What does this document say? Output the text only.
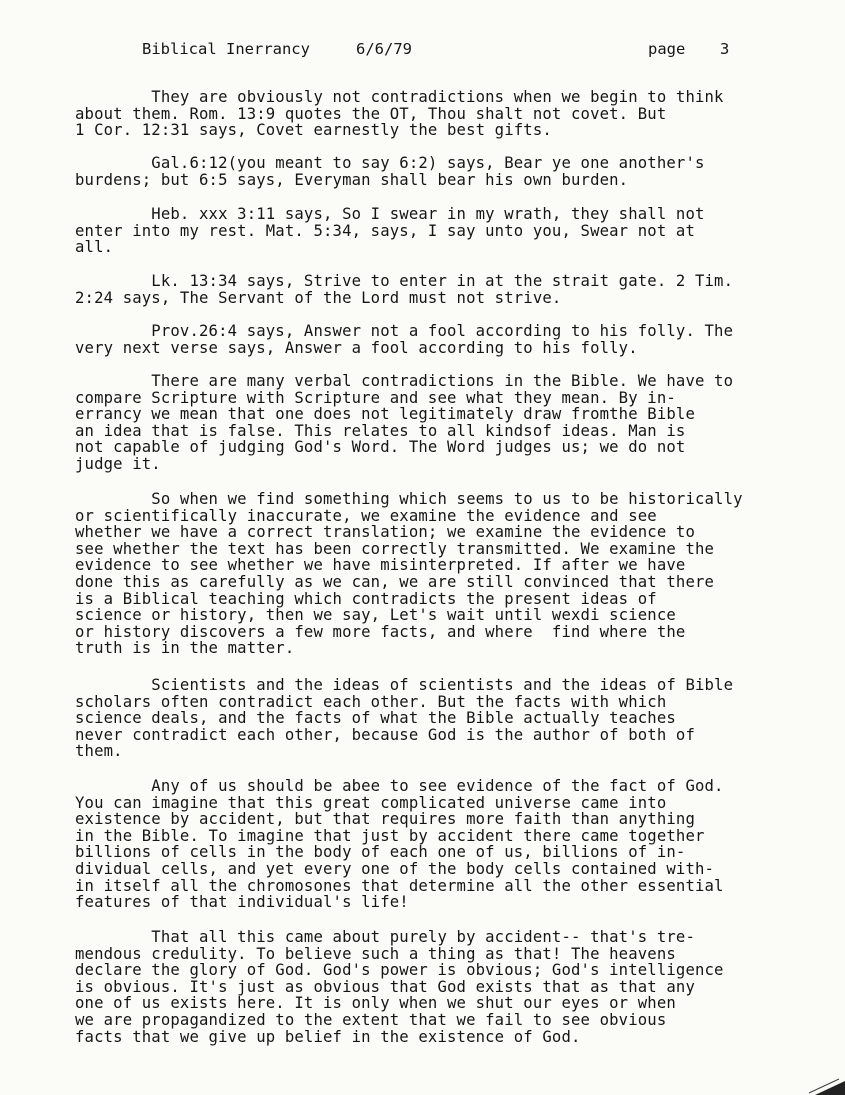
Biblical Inerrancy	6/6/79	page 3
They are obviously not contradictions when we begin to think
about them. Rom. 13:9 quotes the OT, Thou shalt not covet. But
1 Cor. 12:31 says, Covet earnestly the best gifts.
Gal.6:12(you meant to say 6:2) says, Bear ye one another's
burdens; but 6:5 says, Everyman shall bear his own burden.
Heb. xxx 3:11 says, So I swear in my wrath, they shall not
enter into my rest. Mat. 5:34, says, I say unto you, Swear not at
all.
Lk. 13:34 says, Strive to enter in at the strait gate. 2 Tim.
2:24 says, The Servant of the Lord must not strive.
Prov.26:4 says, Answer not a fool according to his folly. The
very next verse says, Answer a fool according to his folly.
There are many verbal contradictions in the Bible. We have to
compare Scripture with Scripture and see what they mean. By in-
errancy we mean that one does not legitimately draw fromthe Bible
an idea that is false. This relates to all kindsof ideas. Man is
not capable of judging God's Word. The Word judges us; we do not
judge it.
So when we find something which seems to us to be historically
or scientifically inaccurate, we examine the evidence and see
whether we have a correct translation; we examine the evidence to
see whether the text has been correctly transmitted. We examine the
evidence to see whether we have misinterpreted. If after we have
done this as carefully as we can, we are still convinced that there
is a Biblical teaching which contradicts the present ideas of
science or history, then we say, Let's wait until wexdi science
or history discovers a few more facts, and where  find where the
truth is in the matter.
Scientists and the ideas of scientists and the ideas of Bible
scholars often contradict each other. But the facts with which
science deals, and the facts of what the Bible actually teaches
never contradict each other, because God is the author of both of
them.
Any of us should be abee to see evidence of the fact of God.
You can imagine that this great complicated universe came into
existence by accident, but that requires more faith than anything
in the Bible. To imagine that just by accident there came together
billions of cells in the body of each one of us, billions of in-
dividual cells, and yet every one of the body cells contained with-
in itself all the chromosones that determine all the other essential
features of that individual's life!
That all this came about purely by accident-- that's tre-
mendous credulity. To believe such a thing as that! The heavens
declare the glory of God. God's power is obvious; God's intelligence
is obvious. It's just as obvious that God exists that as that any
one of us exists here. It is only when we shut our eyes or when
we are propagandized to the extent that we fail to see obvious
facts that we give up belief in the existence of God.
